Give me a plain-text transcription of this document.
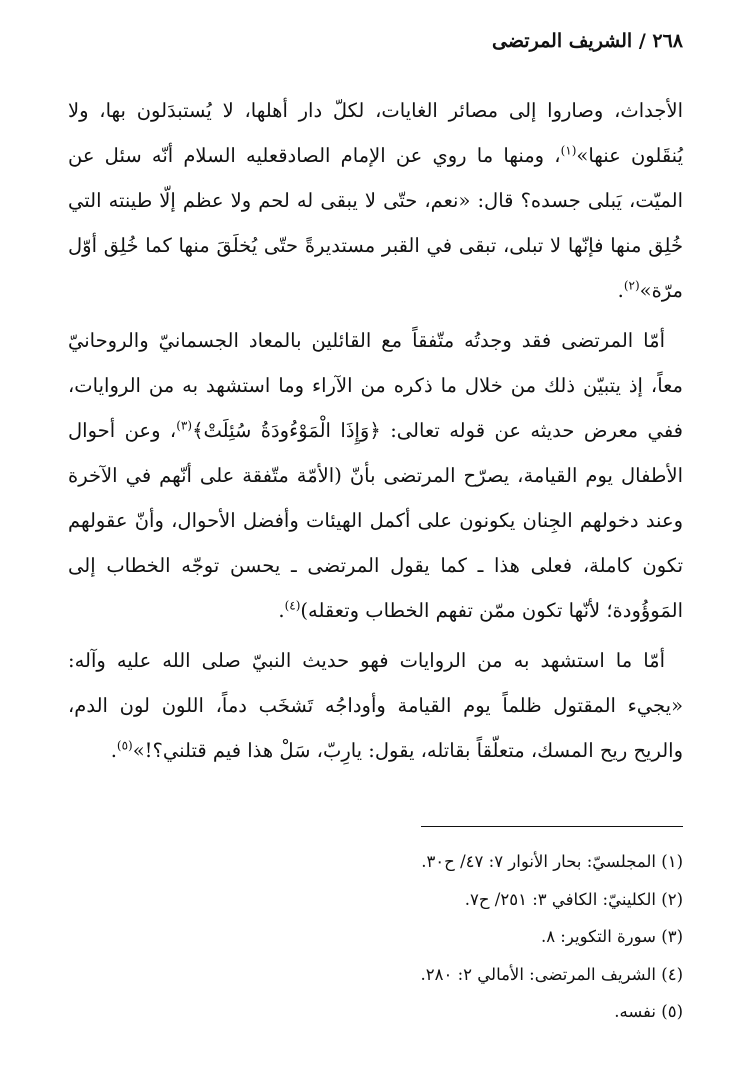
٢٦٨ / الشريف المرتضى

الأجداث، وصاروا إلى مصائر الغايات، لكلّ دار أهلها، لا يُستبدَلون بها، ولا يُنقَلون عنها»$^{(١)}$، ومنها ما روي عن الإمام الصادقعليه السلام أنّه سئل عن الميّت، يَبلى جسده؟ قال: «نعم، حتّى لا يبقى له لحم ولا عظم إلّا طينته التي خُلِق منها فإنّها لا تبلى، تبقى في القبر مستديرةً حتّى يُخلَقَ منها كما خُلِق أوّل مرّة»$^{(٢)}$.

أمّا المرتضى فقد وجدتُه متّفقاً مع القائلين بالمعاد الجسمانيّ والروحانيّ معاً، إذ يتبيّن ذلك من خلال ما ذكره من الآراء وما استشهد به من الروايات، ففي معرض حديثه عن قوله تعالى: ﴿وَإِذَا الْمَوْءُودَةُ سُئِلَتْ﴾$^{(٣)}$، وعن أحوال الأطفال يوم القيامة، يصرّح المرتضى بأنّ (الأمّة متّفقة على أنّهم في الآخرة وعند دخولهم الجِنان يكونون على أكمل الهيئات وأفضل الأحوال، وأنّ عقولهم تكون كاملة، فعلى هذا ـ كما يقول المرتضى ـ يحسن توجّه الخطاب إلى المَوؤُودة؛ لأنّها تكون ممّن تفهم الخطاب وتعقله)$^{(٤)}$.

أمّا ما استشهد به من الروايات فهو حديث النبيّ صلى الله عليه وآله: «يجيء المقتول ظلماً يوم القيامة وأوداجُه تَشخَب دماً، اللون لون الدم، والريح ريح المسك، متعلّقاً بقاتله، يقول: يارِبّ، سَلْ هذا فيم قتلني؟!»$^{(٥)}$.

(١) المجلسيّ: بحار الأنوار ٧: ٤٧/ ح٣٠.
(٢) الكلينيّ: الكافي ٣: ٢٥١/ ح٧.
(٣) سورة التكوير: ٨.
(٤) الشريف المرتضى: الأمالي ٢: ٢٨٠.
(٥) نفسه.
